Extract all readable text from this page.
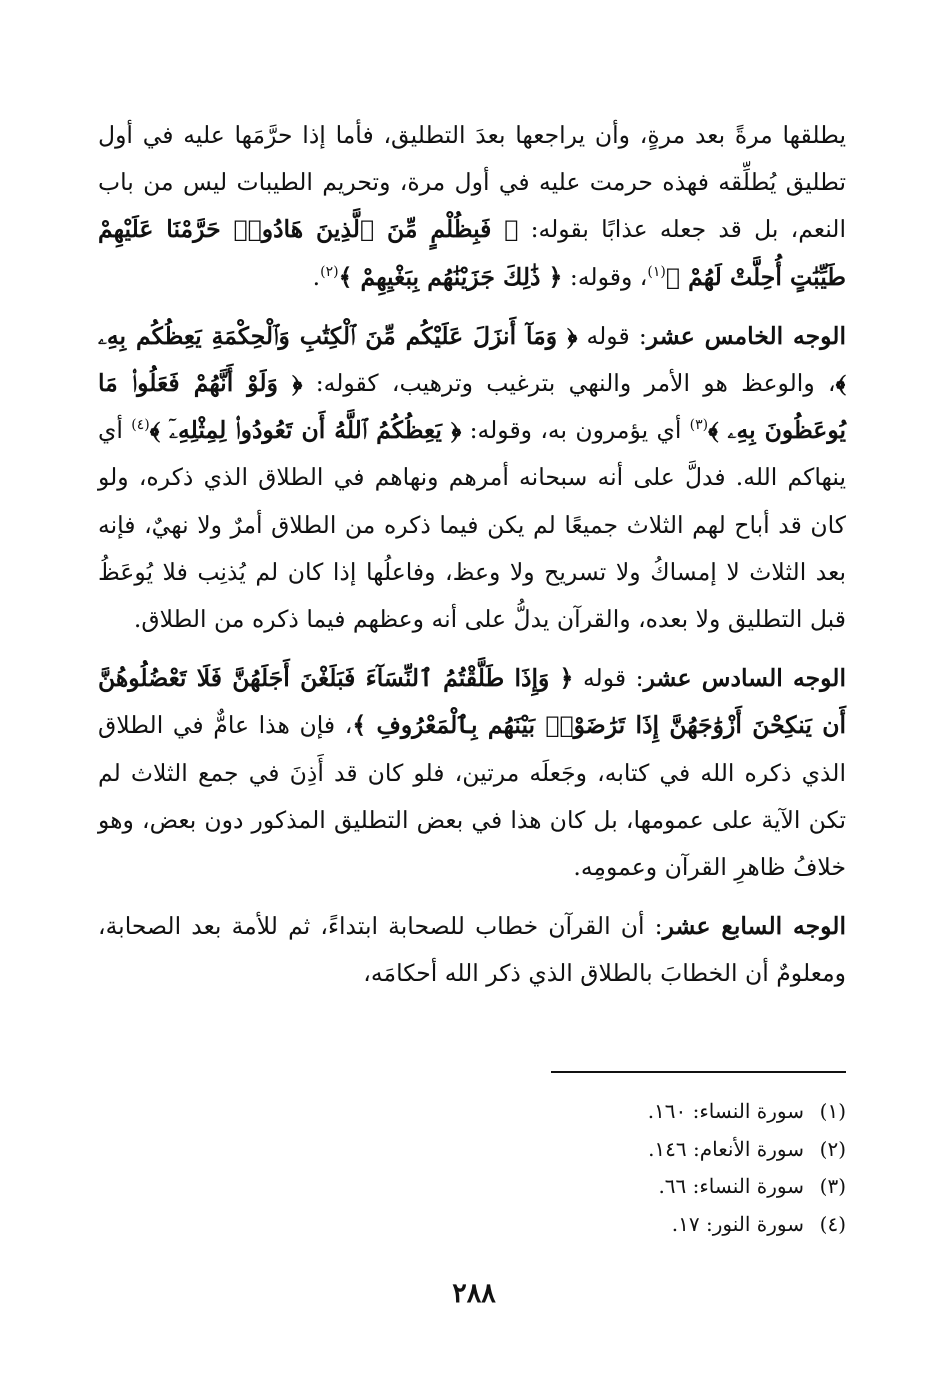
يطلقها مرةً بعد مرةٍ، وأن يراجعها بعدَ التطليق، فأما إذا حرَّمَها عليه في أول تطليق يُطلِّقه فهذه حرمت عليه في أول مرة، وتحريم الطيبات ليس من باب النعم، بل قد جعله عذابًا بقوله: ﴿ فَبِظُلْمٍ مِّنَ ٱلَّذِينَ هَادُوا۟ حَرَّمْنَا عَلَيْهِمْ طَيِّبَٰتٍ أُحِلَّتْ لَهُمْ ﴾$^{(١)}$، وقوله: ﴿ ذَٰلِكَ جَزَيْنَٰهُم بِبَغْيِهِمْ ﴾$^{(٢)}$.

الوجه الخامس عشر: قوله ﴿ وَمَآ أَنزَلَ عَلَيْكُم مِّنَ ٱلْكِتَٰبِ وَٱلْحِكْمَةِ يَعِظُكُم بِهِۦ ﴾، والوعظ هو الأمر والنهي بترغيب وترهيب، كقوله: ﴿ وَلَوْ أَنَّهُمْ فَعَلُوا۟ مَا يُوعَظُونَ بِهِۦ ﴾$^{(٣)}$ أي يؤمرون به، وقوله: ﴿ يَعِظُكُمُ ٱللَّهُ أَن تَعُودُوا۟ لِمِثْلِهِۦٓ ﴾$^{(٤)}$ أي ينهاكم الله. فدلَّ على أنه سبحانه أمرهم ونهاهم في الطلاق الذي ذكره، ولو كان قد أباح لهم الثلاث جميعًا لم يكن فيما ذكره من الطلاق أمرٌ ولا نهيٌ، فإنه بعد الثلاث لا إمساكُ ولا تسريح ولا وعظ، وفاعلُها إذا كان لم يُذنِب فلا يُوعَظُ قبل التطليق ولا بعده، والقرآن يدلُّ على أنه وعظهم فيما ذكره من الطلاق.

الوجه السادس عشر: قوله ﴿ وَإِذَا طَلَّقْتُمُ ٱلنِّسَآءَ فَبَلَغْنَ أَجَلَهُنَّ فَلَا تَعْضُلُوهُنَّ أَن يَنكِحْنَ أَزْوَٰجَهُنَّ إِذَا تَرَٰضَوْا۟ بَيْنَهُم بِٱلْمَعْرُوفِ ﴾، فإن هذا عامٌّ في الطلاق الذي ذكره الله في كتابه، وجَعلَه مرتين، فلو كان قد أَذِنَ في جمع الثلاث لم تكن الآية على عمومها، بل كان هذا في بعض التطليق المذكور دون بعض، وهو خلافُ ظاهرِ القرآن وعمومِه.

الوجه السابع عشر: أن القرآن خطاب للصحابة ابتداءً، ثم للأمة بعد الصحابة، ومعلومٌ أن الخطابَ بالطلاق الذي ذكر الله أحكامَه،

(١)سورة النساء: ١٦٠.
(٢)سورة الأنعام: ١٤٦.
(٣)سورة النساء: ٦٦.
(٤)سورة النور: ١٧.
٢٨٨
